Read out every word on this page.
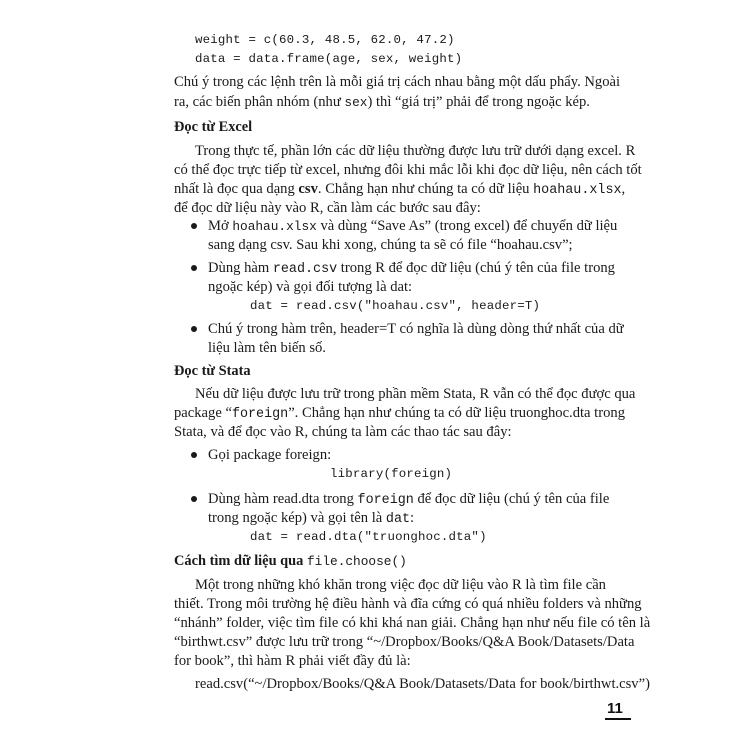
weight = c(60.3, 48.5, 62.0, 47.2)
data = data.frame(age, sex, weight)
Chú ý trong các lệnh trên là mỗi giá trị cách nhau bằng một dấu phẩy. Ngoài
ra, các biến phân nhóm (như sex) thì “giá trị” phải để trong ngoặc kép.
Đọc từ Excel
Trong thực tế, phần lớn các dữ liệu thường được lưu trữ dưới dạng excel. R
có thể đọc trực tiếp từ excel, nhưng đôi khi mắc lỗi khi đọc dữ liệu, nên cách tốt
nhất là đọc qua dạng csv. Chẳng hạn như chúng ta có dữ liệu hoahau.xlsx,
để đọc dữ liệu này vào R, cần làm các bước sau đây:
Mở hoahau.xlsx và dùng “Save As” (trong excel) để chuyển dữ liệu
sang dạng csv. Sau khi xong, chúng ta sẽ có file “hoahau.csv”;
Dùng hàm read.csv trong R để đọc dữ liệu (chú ý tên của file trong
ngoặc kép) và gọi đối tượng là dat:
dat = read.csv("hoahau.csv", header=T)
Chú ý trong hàm trên, header=T có nghĩa là dùng dòng thứ nhất của dữ
liệu làm tên biến số.
Đọc từ Stata
Nếu dữ liệu được lưu trữ trong phần mềm Stata, R vẫn có thể đọc được qua
package “foreign”. Chẳng hạn như chúng ta có dữ liệu truonghoc.dta trong
Stata, và để đọc vào R, chúng ta làm các thao tác sau đây:
Gọi package foreign:
library(foreign)
Dùng hàm read.dta trong foreign để đọc dữ liệu (chú ý tên của file
trong ngoặc kép) và gọi tên là dat:
dat = read.dta("truonghoc.dta")
Cách tìm dữ liệu qua file.choose()
Một trong những khó khăn trong việc đọc dữ liệu vào R là tìm file cần
thiết. Trong môi trường hệ điều hành và đĩa cứng có quá nhiều folders và những
“nhánh” folder, việc tìm file có khi khá nan giải. Chẳng hạn như nếu file có tên là
“birthwt.csv” được lưu trữ trong “~/Dropbox/Books/Q&A Book/Datasets/Data
for book”, thì hàm R phải viết đầy đủ là:
read.csv(“~/Dropbox/Books/Q&A Book/Datasets/Data for book/birthwt.csv”)
11
